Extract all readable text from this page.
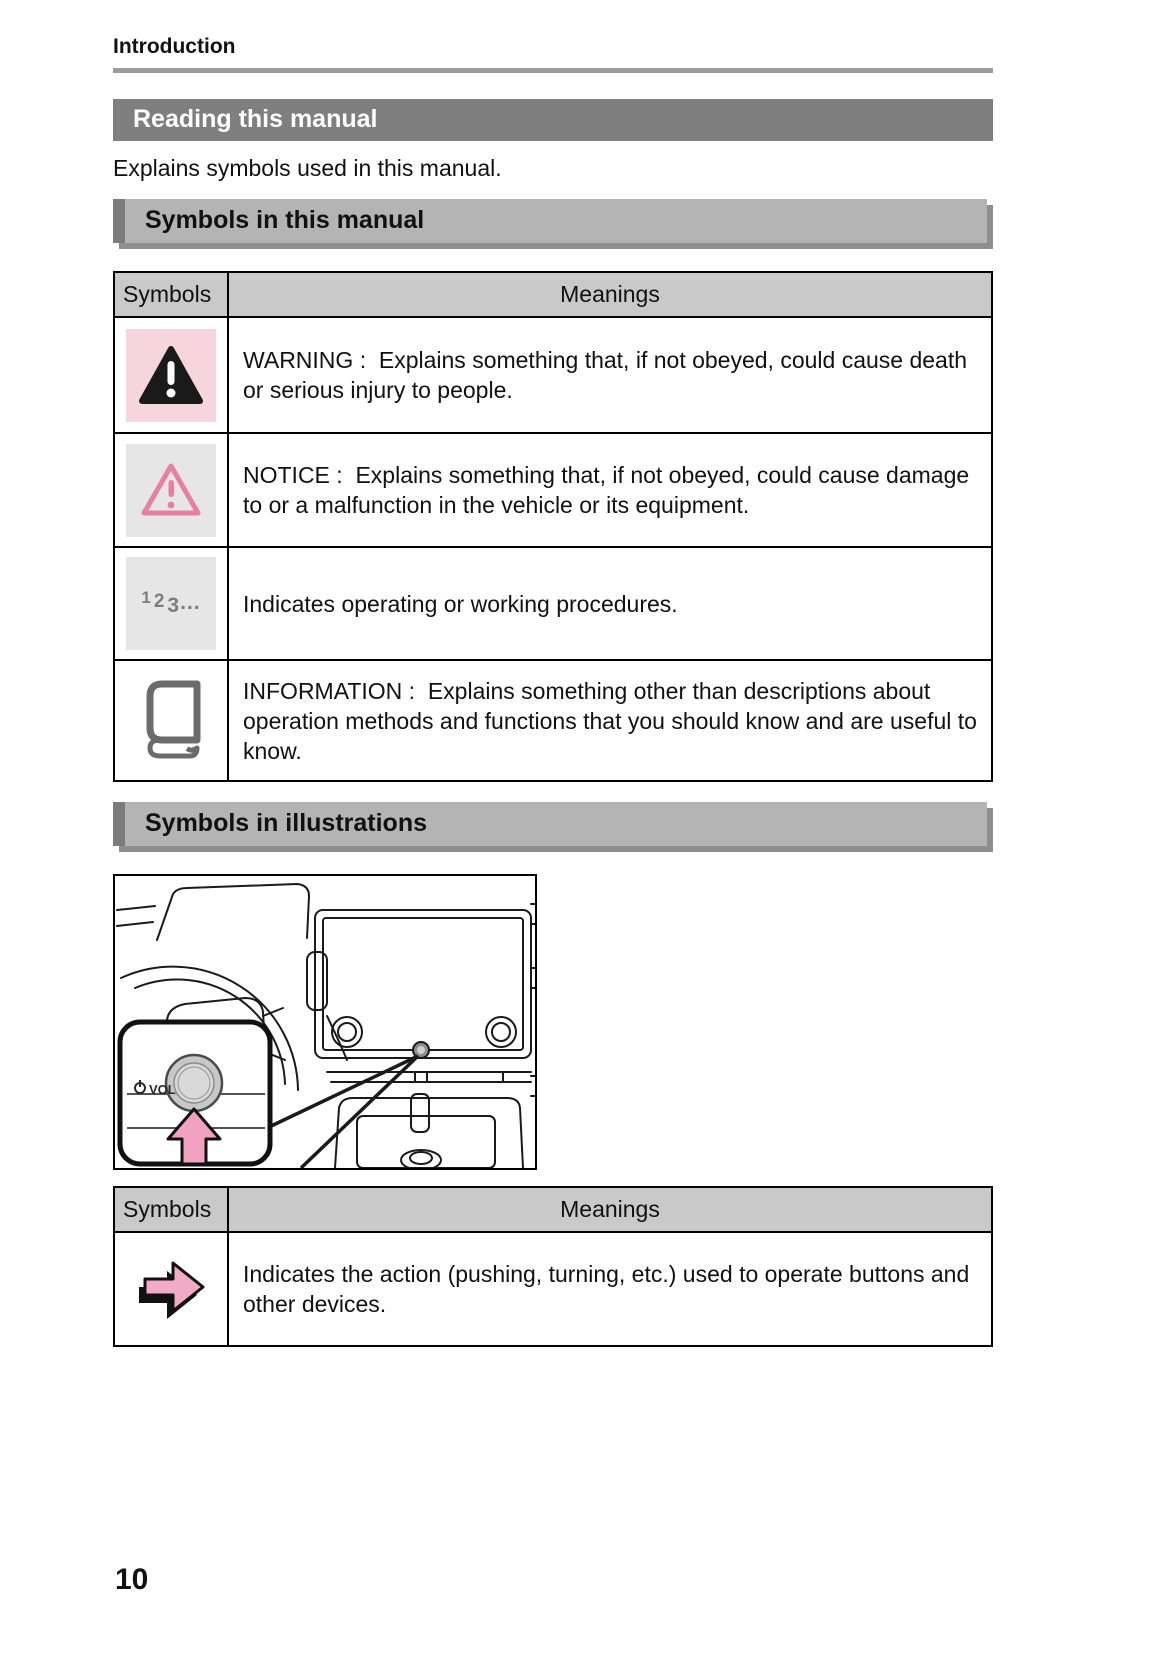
Introduction
Reading this manual

Explains symbols used in this manual.

Symbols in this manual
Symbols	Meanings

	WARNING :  Explains something that, if not obeyed, could cause death or serious injury to people.

	NOTICE :  Explains something that, if not obeyed, could cause damage to or a malfunction in the vehicle or its equipment.

1 23...	Indicates operating or working procedures.

	INFORMATION :  Explains something other than descriptions about operation methods and functions that you should know and are useful to know.
Symbols in illustrations
VOL
Symbols	Meanings

	Indicates the action (pushing, turning, etc.) used to operate buttons and other devices.
10
